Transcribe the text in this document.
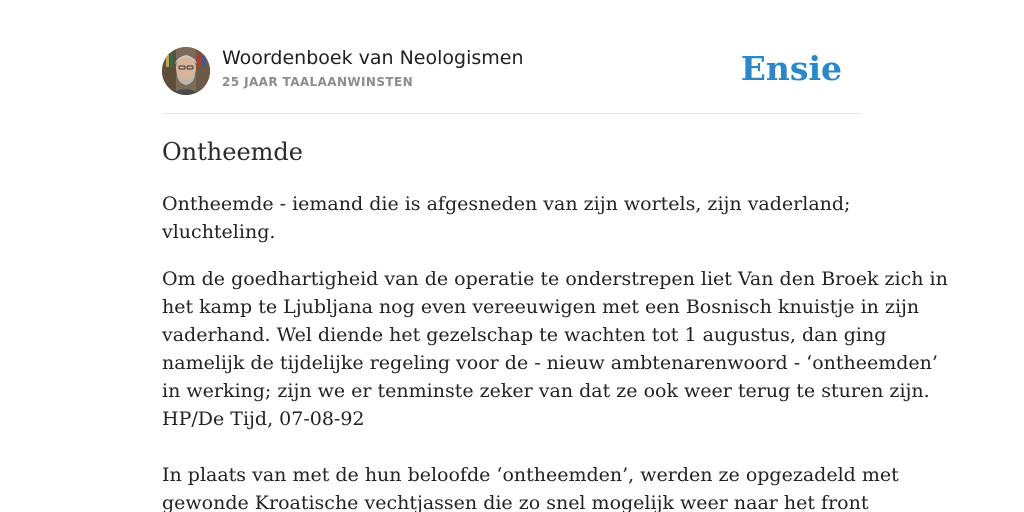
Woordenboek van Neologismen
25 JAAR TAALAANWINSTEN	Ensie
Ontheemde

Ontheemde - iemand die is afgesneden van zijn wortels, zijn vaderland;
vluchteling.

Om de goedhartigheid van de operatie te onderstrepen liet Van den Broek zich in
het kamp te Ljubljana nog even vereeuwigen met een Bosnisch knuistje in zijn
vaderhand. Wel diende het gezelschap te wachten tot 1 augustus, dan ging
namelijk de tijdelijke regeling voor de - nieuw ambtenarenwoord - ‘ontheemden’
in werking; zijn we er tenminste zeker van dat ze ook weer terug te sturen zijn.
HP/De Tijd, 07-08-92

In plaats van met de hun beloofde ‘ontheemden’, werden ze opgezadeld met
gewonde Kroatische vechtjassen die zo snel mogelijk weer naar het front
